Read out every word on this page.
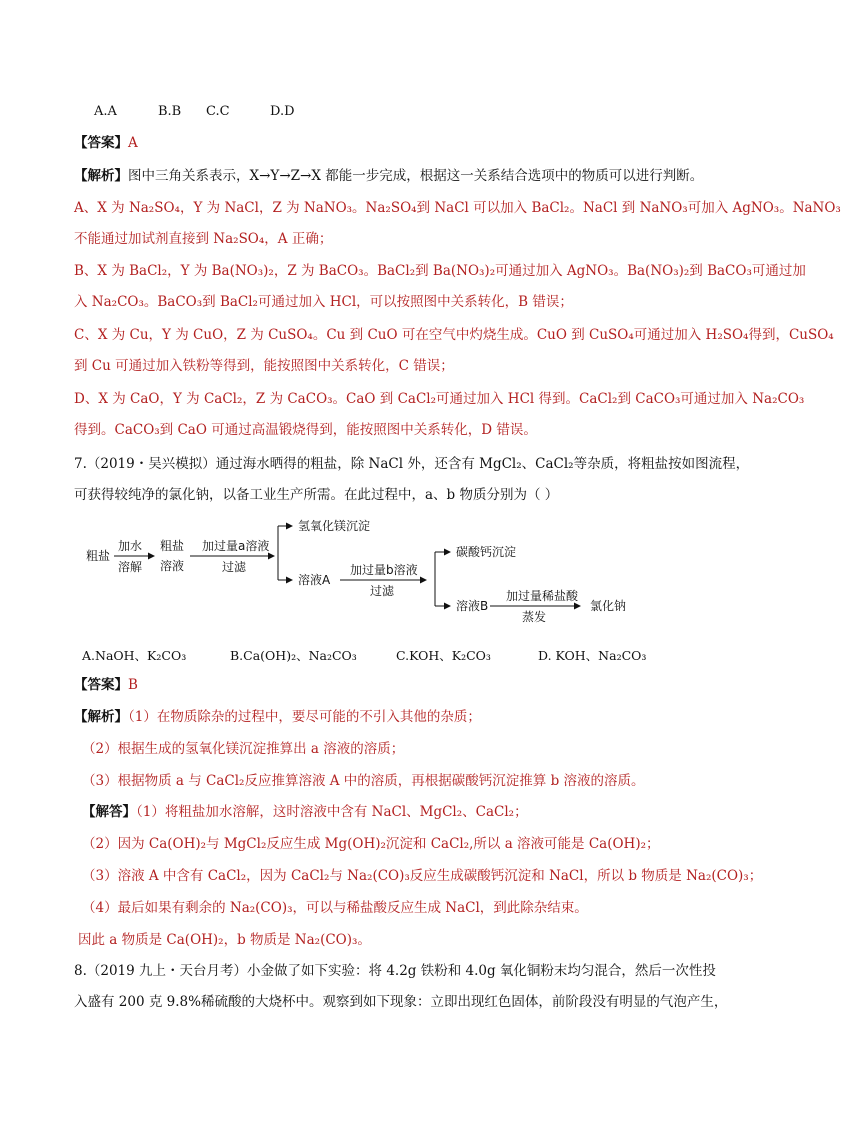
A.A	B.B C.C	D.D
【答案】A
【解析】图中三角关系表示，X→Y→Z→X 都能一步完成，根据这一关系结合选项中的物质可以进行判断。
A、X 为 Na₂SO₄，Y 为 NaCl，Z 为 NaNO₃。Na₂SO₄到 NaCl 可以加入 BaCl₂。NaCl 到 NaNO₃可加入 AgNO₃。NaNO₃
不能通过加试剂直接到 Na₂SO₄，A 正确；
B、X 为 BaCl₂，Y 为 Ba(NO₃)₂，Z 为 BaCO₃。BaCl₂到 Ba(NO₃)₂可通过加入 AgNO₃。Ba(NO₃)₂到 BaCO₃可通过加
入 Na₂CO₃。BaCO₃到 BaCl₂可通过加入 HCl，可以按照图中关系转化，B 错误；
C、X 为 Cu，Y 为 CuO，Z 为 CuSO₄。Cu 到 CuO 可在空气中灼烧生成。CuO 到 CuSO₄可通过加入 H₂SO₄得到，CuSO₄
到 Cu 可通过加入铁粉等得到，能按照图中关系转化，C 错误；
D、X 为 CaO，Y 为 CaCl₂，Z 为 CaCO₃。CaO 到 CaCl₂可通过加入 HCl 得到。CaCl₂到 CaCO₃可通过加入 Na₂CO₃
得到。CaCO₃到 CaO 可通过高温锻烧得到，能按照图中关系转化，D 错误。
7.（2019・吴兴模拟）通过海水晒得的粗盐，除 NaCl 外，还含有 MgCl₂、CaCl₂等杂质，将粗盐按如图流程，
可获得较纯净的氯化钠，以备工业生产所需。在此过程中，a、b 物质分别为（ ）
粗盐
加水
溶解
粗盐
溶液
加过量a溶液
过滤
氢氧化镁沉淀
溶液A
加过量b溶液
过滤
碳酸钙沉淀
溶液B
加过量稀盐酸
蒸发
氯化钠
A.NaOH、K₂CO₃	B.Ca(OH)₂、Na₂CO₃	C.KOH、K₂CO₃	D. KOH、Na₂CO₃
【答案】B
【解析】（1）在物质除杂的过程中，要尽可能的不引入其他的杂质；
（2）根据生成的氢氧化镁沉淀推算出 a 溶液的溶质；
（3）根据物质 a 与 CaCl₂反应推算溶液 A 中的溶质，再根据碳酸钙沉淀推算 b 溶液的溶质。
【解答】（1）将粗盐加水溶解，这时溶液中含有 NaCl、MgCl₂、CaCl₂；
（2）因为 Ca(OH)₂与 MgCl₂反应生成 Mg(OH)₂沉淀和 CaCl₂,所以 a 溶液可能是 Ca(OH)₂；
（3）溶液 A 中含有 CaCl₂，因为 CaCl₂与 Na₂(CO)₃反应生成碳酸钙沉淀和 NaCl，所以 b 物质是 Na₂(CO)₃；
（4）最后如果有剩余的 Na₂(CO)₃，可以与稀盐酸反应生成 NaCl，到此除杂结束。
因此 a 物质是 Ca(OH)₂，b 物质是 Na₂(CO)₃。
8.（2019 九上・天台月考）小金做了如下实验：将 4.2g 铁粉和 4.0g 氧化铜粉末均匀混合，然后一次性投
入盛有 200 克 9.8%稀硫酸的大烧杯中。观察到如下现象：立即出现红色固体，前阶段没有明显的气泡产生，
